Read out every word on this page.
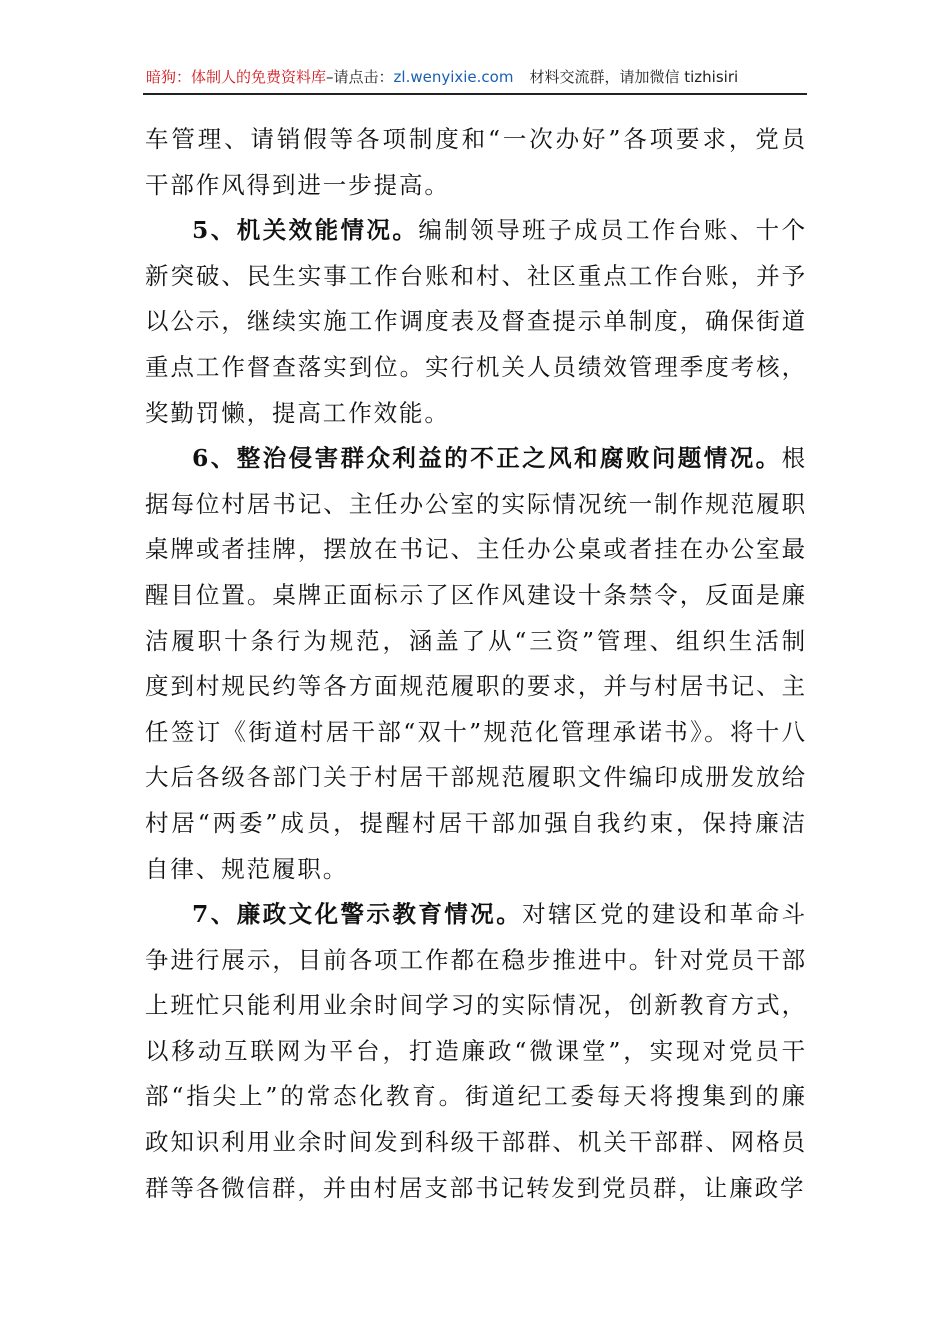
暗狗：体制人的免费资料库–请点击：zl.wenyixie.com 材料交流群，请加微信 tizhisiri

车管理、请销假等各项制度和“一次办好”各项要求，党员干部作风得到进一步提高。

5、机关效能情况。编制领导班子成员工作台账、十个新突破、民生实事工作台账和村、社区重点工作台账，并予以公示，继续实施工作调度表及督查提示单制度，确保街道重点工作督查落实到位。实行机关人员绩效管理季度考核，奖勤罚懒，提高工作效能。

6、整治侵害群众利益的不正之风和腐败问题情况。根据每位村居书记、主任办公室的实际情况统一制作规范履职桌牌或者挂牌，摆放在书记、主任办公桌或者挂在办公室最醒目位置。桌牌正面标示了区作风建设十条禁令，反面是廉洁履职十条行为规范，涵盖了从“三资”管理、组织生活制度到村规民约等各方面规范履职的要求，并与村居书记、主任签订《街道村居干部“双十”规范化管理承诺书》。将十八大后各级各部门关于村居干部规范履职文件编印成册发放给村居“两委”成员，提醒村居干部加强自我约束，保持廉洁自律、规范履职。

7、廉政文化警示教育情况。对辖区党的建设和革命斗争进行展示，目前各项工作都在稳步推进中。针对党员干部上班忙只能利用业余时间学习的实际情况，创新教育方式，以移动互联网为平台，打造廉政“微课堂”，实现对党员干部“指尖上”的常态化教育。街道纪工委每天将搜集到的廉政知识利用业余时间发到科级干部群、机关干部群、网格员群等各微信群，并由村居支部书记转发到党员群，让廉政学
